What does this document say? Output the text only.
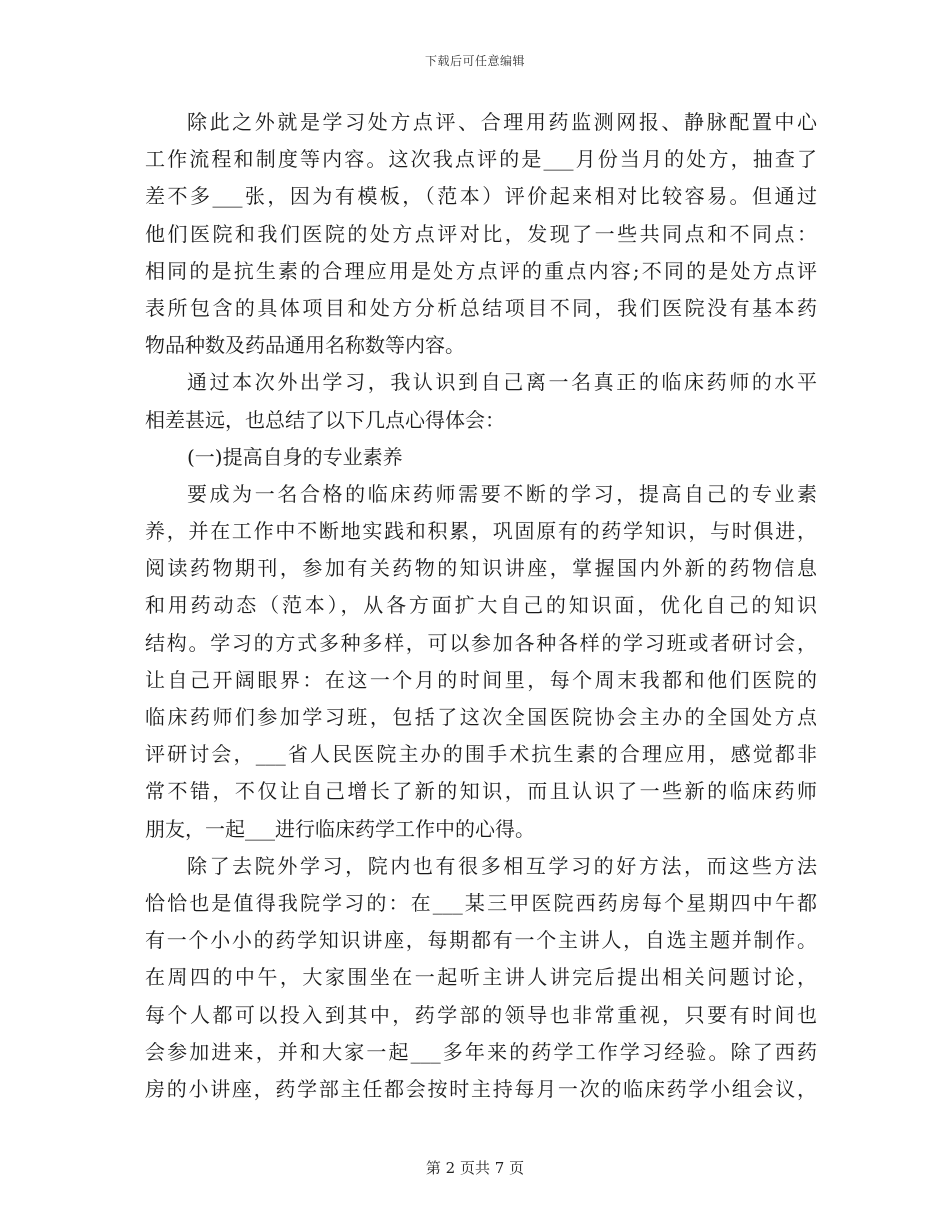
下载后可任意编辑
除此之外就是学习处方点评、合理用药监测网报、静脉配置中心
工作流程和制度等内容。这次我点评的是___月份当月的处方，抽查了
差不多___张，因为有模板，（范本）评价起来相对比较容易。但通过
他们医院和我们医院的处方点评对比，发现了一些共同点和不同点：
相同的是抗生素的合理应用是处方点评的重点内容;不同的是处方点评
表所包含的具体项目和处方分析总结项目不同，我们医院没有基本药
物品种数及药品通用名称数等内容。
通过本次外出学习，我认识到自己离一名真正的临床药师的水平
相差甚远，也总结了以下几点心得体会：
(一)提高自身的专业素养
要成为一名合格的临床药师需要不断的学习，提高自己的专业素
养，并在工作中不断地实践和积累，巩固原有的药学知识，与时俱进，
阅读药物期刊，参加有关药物的知识讲座，掌握国内外新的药物信息
和用药动态（范本），从各方面扩大自己的知识面，优化自己的知识
结构。学习的方式多种多样，可以参加各种各样的学习班或者研讨会，
让自己开阔眼界：在这一个月的时间里，每个周末我都和他们医院的
临床药师们参加学习班，包括了这次全国医院协会主办的全国处方点
评研讨会，___省人民医院主办的围手术抗生素的合理应用，感觉都非
常不错，不仅让自己增长了新的知识，而且认识了一些新的临床药师
朋友，一起___进行临床药学工作中的心得。
除了去院外学习，院内也有很多相互学习的好方法，而这些方法
恰恰也是值得我院学习的：在___某三甲医院西药房每个星期四中午都
有一个小小的药学知识讲座，每期都有一个主讲人，自选主题并制作。
在周四的中午，大家围坐在一起听主讲人讲完后提出相关问题讨论，
每个人都可以投入到其中，药学部的领导也非常重视，只要有时间也
会参加进来，并和大家一起___多年来的药学工作学习经验。除了西药
房的小讲座，药学部主任都会按时主持每月一次的临床药学小组会议，
第 2 页共 7 页
